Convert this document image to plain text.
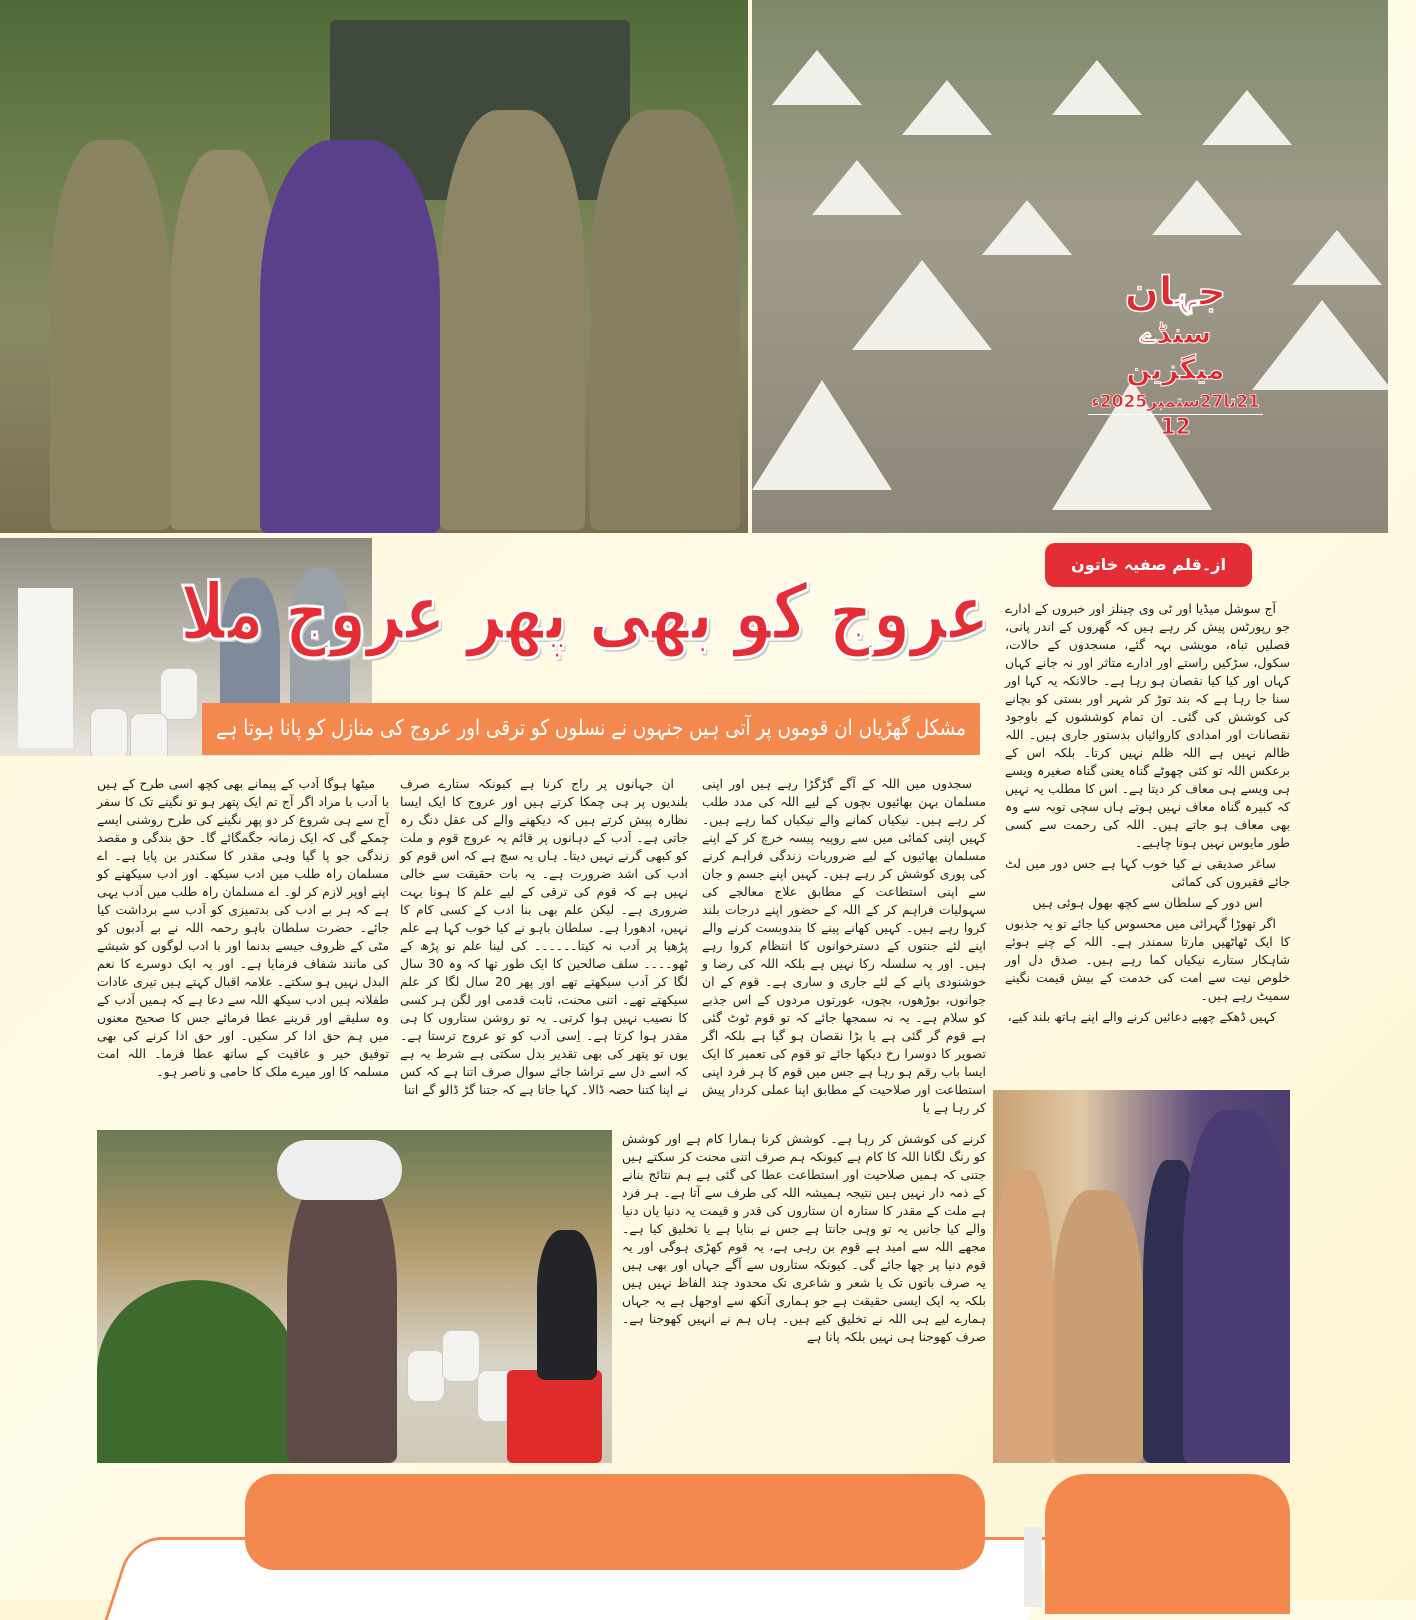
جہان
سنڈے میگزین
21تا27ستمبر2025ء
12
عروج کو بھی پھر عروج ملا
مشکل گھڑیاں ان قوموں پر آتی ہیں جنہوں نے نسلوں کو ترقی اور عروج کی منازل کو پانا ہوتا ہے
از۔قلم صفیہ خاتون

آج سوشل میڈیا اور ٹی وی چینلز اور خبروں کے ادارے جو رپورٹس پیش کر رہے ہیں کہ گھروں کے اندر پانی، فصلیں تباہ، مویشی بہہ گئے، مسجدوں کے حالات، سکول، سڑکیں راستے اور ادارے متاثر اور نہ جانے کہاں کہاں اور کیا کیا نقصان ہو رہا ہے۔ حالانکہ یہ کہا اور سنا جا رہا ہے کہ بند توڑ کر شہر اور بستی کو بچانے کی کوشش کی گئی۔ ان تمام کوششوں کے باوجود نقصانات اور امدادی کاروائیاں بدستور جاری ہیں۔ اللہ ظالم نہیں ہے اللہ ظلم نہیں کرتا۔ بلکہ اس کے برعکس اللہ تو کئی چھوٹے گناہ یعنی گناہ صغیرہ ویسے ہی ویسے ہی معاف کر دیتا ہے۔ اس کا مطلب یہ نہیں کہ کبیرہ گناہ معاف نہیں ہوتے ہاں سچی توبہ سے وہ بھی معاف ہو جاتے ہیں۔ اللہ کی رحمت سے کسی طور مایوس نہیں ہونا چاہیے۔

ساغر صدیقی نے کیا خوب کہا ہے جس دور میں لٹ جائے فقیروں کی کمائی

اس دور کے سلطان سے کچھ بھول ہوئی ہیں

اگر تھوڑا گہرائی میں محسوس کیا جائے تو یہ جذبوں کا ایک ٹھاٹھیں مارتا سمندر ہے۔ اللہ کے چنے ہوئے شاہکار ستارے نیکیاں کما رہے ہیں۔ صدق دل اور خلوص نیت سے امت کی خدمت کے بیش قیمت نگینے سمیٹ رہے ہیں۔

کہیں ڈھکے چھپے دعائیں کرنے والے اپنے ہاتھ بلند کیے،

سجدوں میں اللہ کے آگے گڑگڑا رہے ہیں اور اپنی مسلمان بہن بھائیوں بچوں کے لیے اللہ کی مدد طلب کر رہے ہیں۔ نیکیاں کمانے والے نیکیاں کما رہے ہیں۔ کہیں اپنی کمائی میں سے روپیہ پیسہ خرچ کر کے اپنے مسلمان بھائیوں کے لیے ضروریات زندگی فراہم کرنے کی پوری کوشش کر رہے ہیں۔ کہیں اپنے جسم و جان سے اپنی استطاعت کے مطابق علاج معالجے کی سہولیات فراہم کر کے اللہ کے حضور اپنے درجات بلند کروا رہے ہیں۔ کہیں کھانے پینے کا بندوبست کرنے والے اپنے لئے جنتوں کے دسترخوانوں کا انتظام کروا رہے ہیں۔ اور یہ سلسلہ رکا نہیں ہے بلکہ اللہ کی رضا و خوشنودی پانے کے لئے جاری و ساری ہے۔ قوم کے ان جوانوں، بوڑھوں، بچوں، عورتوں مردوں کے اس جذبے کو سلام ہے۔ یہ نہ سمجھا جائے کہ تو قوم ٹوٹ گئی ہے قوم گر گئی ہے یا بڑا نقصان ہو گیا ہے بلکہ اگر تصویر کا دوسرا رخ دیکھا جائے تو قوم کی تعمیر کا ایک ایسا باب رقم ہو رہا ہے جس میں قوم کا ہر فرد اپنی استطاعت اور صلاحیت کے مطابق اپنا عملی کردار پیش کر رہا ہے یا

کرنے کی کوشش کر رہا ہے۔ کوشش کرنا ہمارا کام ہے اور کوشش کو رنگ لگانا اللہ کا کام ہے کیونکہ ہم صرف اتنی محنت کر سکتے ہیں جتنی کہ ہمیں صلاحیت اور استطاعت عطا کی گئی ہے ہم نتائج بنانے کے ذمہ دار نہیں ہیں نتیجہ ہمیشہ اللہ کی طرف سے آتا ہے۔ ہر فرد ہے ملت کے مقدر کا ستارہ ان ستاروں کی قدر و قیمت یہ دنیا یاں دنیا والے کیا جانیں یہ تو وہی جانتا ہے جس نے بنایا ہے یا تخلیق کیا ہے۔ مجھے اللہ سے امید ہے قوم بن رہی ہے، یہ قوم کھڑی ہوگی اور یہ قوم دنیا پر چھا جائے گی۔ کیونکہ ستاروں سے آگے جہاں اور بھی ہیں یہ صرف باتوں تک یا شعر و شاعری تک محدود چند الفاظ نہیں ہیں بلکہ یہ ایک ایسی حقیقت ہے جو ہماری آنکھ سے اوجھل ہے یہ جہاں ہمارے لیے ہی اللہ نے تخلیق کیے ہیں۔ ہاں ہم نے انہیں کھوجنا ہے۔ صرف کھوجنا ہی نہیں بلکہ پانا ہے

ان جہانوں پر راج کرنا ہے کیونکہ ستارے صرف بلندیوں پر ہی چمکا کرتے ہیں اور عروج کا ایک ایسا نظارہ پیش کرتے ہیں کہ دیکھنے والے کی عقل دنگ رہ جاتی ہے۔ اَدب کے دہانوں پر قائم یہ عروج قوم و ملت کو کبھی گرنے نہیں دیتا۔ ہاں یہ سچ ہے کہ اس قوم کو ادب کی اشد ضرورت ہے۔ یہ بات حقیقت سے خالی نہیں ہے کہ قوم کی ترقی کے لیے علم کا ہونا بہت ضروری ہے۔ لیکن علم بھی بنا ادب کے کسی کام کا نہیں، ادھورا ہے۔ سلطان باہو نے کیا خوب کہا ہے علم پڑھیا پر اَدب نہ کیتا۔۔۔۔۔۔ کی لینا علم نو پڑھ کے ٹھو۔۔۔۔ سلف صالحین کا ایک طور تھا کہ وہ 30 سال لگا کر اَدب سیکھتے تھے اور پھر 20 سال لگا کر علم سیکھتے تھے۔ اتنی محنت، ثابت قدمی اور لگن ہر کسی کا نصیب نہیں ہوا کرتی۔ یہ تو روشن ستاروں کا ہی مقدر ہوا کرتا ہے۔ اِسی اَدب کو تو عروج ترستا ہے۔ یوں تو پتھر کی بھی تقدیر بدل سکتی ہے شرط یہ ہے کہ اسے دل سے تراشا جائے سوال صرف اتنا ہے کہ کس نے اپنا کتنا حصہ ڈالا۔ کہا جاتا ہے کہ جتنا گڑ ڈالو گے اتنا

میٹھا ہوگا اَدب کے پیمانے بھی کچھ اسی طرح کے ہیں با اَدب با مراد اگر آج تم ایک پتھر ہو تو نگینے تک کا سفر آج سے ہی شروع کر دو پھر نگینے کی طرح روشنی ایسے چمکے گی کہ ایک زمانہ جگمگائے گا۔ حق بندگی و مقصد زندگی جو پا گیا وہی مقدر کا سکندر بن پایا ہے۔ اے مسلمان راہ طلب میں ادب سیکھ۔ اور ادب سیکھنے کو اپنے اوپر لازم کر لو۔ اے مسلمان راہ طلب میں اَدب یہی ہے کہ ہر بے ادب کی بدتمیزی کو اَدب سے برداشت کیا جائے۔ حضرت سلطان باہو رحمہ اللہ نے بے اَدبوں کو مٹی کے ظروف جیسے بدنما اور با ادب لوگوں کو شیشے کی مانند شفاف فرمایا ہے۔ اور یہ ایک دوسرے کا نعم البدل نہیں ہو سکتے۔ علامہ اقبال کہتے ہیں تیری عادات طفلانہ ہیں ادب سیکھ اللہ سے دعا ہے کہ ہمیں اَدب کے وہ سلیقے اور قرینے عطا فرمائے جس کا صحیح معنوں میں ہم حق ادا کر سکیں۔ اور حق ادا کرنے کی بھی توفیق خیر و عافیت کے ساتھ عطا فرما۔ اللہ امت مسلمہ کا اور میرے ملک کا حامی و ناصر ہو۔
